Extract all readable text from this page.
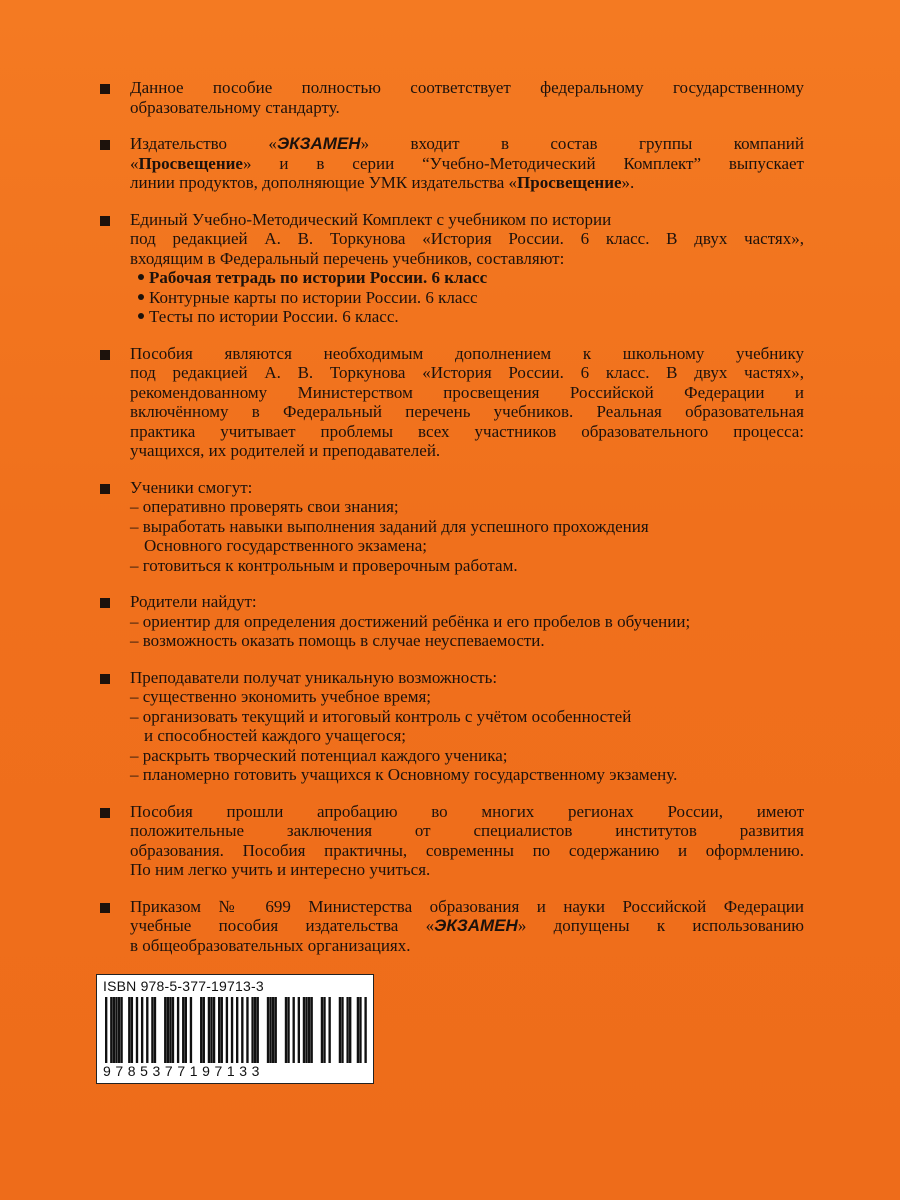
Данное пособие полностью соответствует федеральному государственному
образовательному стандарту.
Издательство «ЭКЗАМЕН» входит в состав группы компаний
«Просвещение» и в серии “Учебно-Методический Комплект” выпускает
линии продуктов, дополняющие УМК издательства «Просвещение».
Единый Учебно-Методический Комплект с учебником по истории
под редакцией А. В. Торкунова «История России. 6 класс. В двух частях»,
входящим в Федеральный перечень учебников, составляют:
Рабочая тетрадь по истории России. 6 класс
Контурные карты по истории России. 6 класс
Тесты по истории России. 6 класс.
Пособия являются необходимым дополнением к школьному учебнику
под редакцией А. В. Торкунова «История России. 6 класс. В двух частях»,
рекомендованному Министерством просвещения Российской Федерации и
включённому в Федеральный перечень учебников. Реальная образовательная
практика учитывает проблемы всех участников образовательного процесса:
учащихся, их родителей и преподавателей.
Ученики смогут:
– оперативно проверять свои знания;
– выработать навыки выполнения заданий для успешного прохождения
Основного государственного экзамена;
– готовиться к контрольным и проверочным работам.
Родители найдут:
– ориентир для определения достижений ребёнка и его пробелов в обучении;
– возможность оказать помощь в случае неуспеваемости.
Преподаватели получат уникальную возможность:
– существенно экономить учебное время;
– организовать текущий и итоговый контроль с учётом особенностей
и способностей каждого учащегося;
– раскрыть творческий потенциал каждого ученика;
– планомерно готовить учащихся к Основному государственному экзамену.
Пособия прошли апробацию во многих регионах России, имеют
положительные заключения от специалистов институтов развития
образования. Пособия практичны, современны по содержанию и оформлению.
По ним легко учить и интересно учиться.
Приказом № 699 Министерства образования и науки Российской Федерации
учебные пособия издательства «ЭКЗАМЕН» допущены к использованию
в общеобразовательных организациях.
ISBN 978-5-377-19713-3
9785377197133
